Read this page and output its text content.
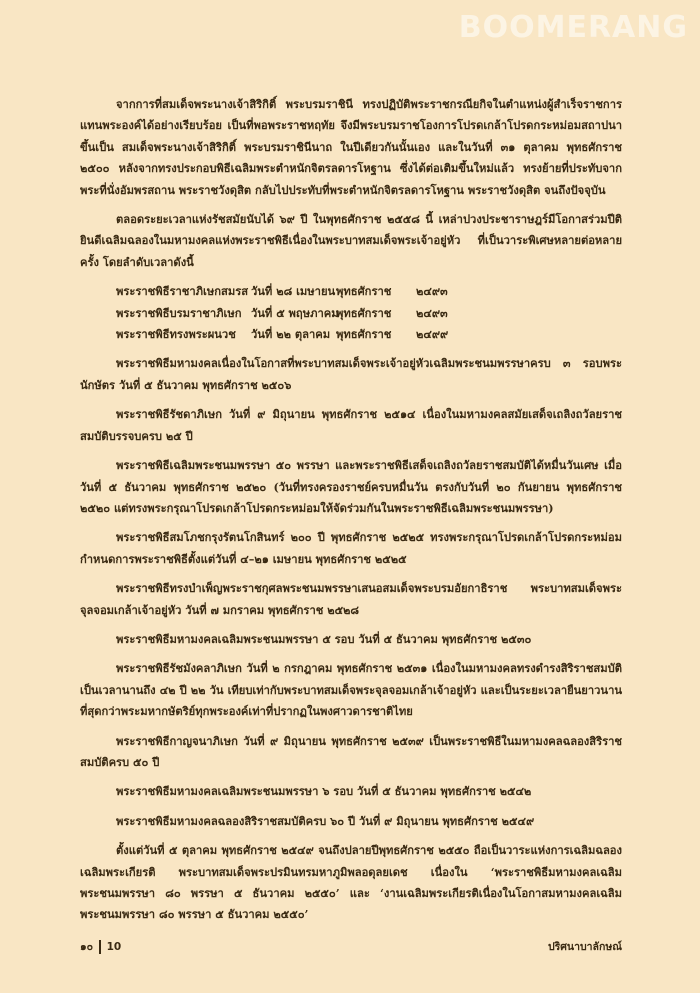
BOOMERANG

จากการที่สมเด็จพระนางเจ้าสิริกิติ์ พระบรมราชินี ทรงปฏิบัติพระราชกรณียกิจในตำแหน่งผู้สำเร็จราชการแทนพระองค์ได้อย่างเรียบร้อย เป็นที่พอพระราชหฤทัย จึงมีพระบรมราชโองการโปรดเกล้าโปรดกระหม่อมสถาปนาขึ้นเป็น สมเด็จพระนางเจ้าสิริกิติ์ พระบรมราชินีนาถ ในปีเดียวกันนั้นเอง และในวันที่ ๓๑ ตุลาคม พุทธศักราช ๒๕๐๐ หลังจากทรงประกอบพิธีเฉลิมพระตำหนักจิตรลดารโหฐาน ซึ่งได้ต่อเติมขึ้นใหม่แล้ว ทรงย้ายที่ประทับจากพระที่นั่งอัมพรสถาน พระราชวังดุสิต กลับไปประทับที่พระตำหนักจิตรลดารโหฐาน พระราชวังดุสิต จนถึงปัจจุบัน

ตลอดระยะเวลาแห่งรัชสมัยนับได้ ๖๙ ปี ในพุทธศักราช ๒๕๕๘ นี้ เหล่าปวงประชาราษฎร์มีโอกาสร่วมปีติยินดีเฉลิมฉลองในมหามงคลแห่งพระราชพิธีเนื่องในพระบาทสมเด็จพระเจ้าอยู่หัว ที่เป็นวาระพิเศษหลายต่อหลายครั้ง โดยลำดับเวลาดังนี้

พระราชพิธีราชาภิเษกสมรส วันที่ ๒๘ เมษายนพุทธศักราช ๒๔๙๓

พระราชพิธีบรมราชาภิเษก วันที่ ๕ พฤษภาคมพุทธศักราช ๒๔๙๓

พระราชพิธีทรงพระผนวช วันที่ ๒๒ ตุลาคม พุทธศักราช ๒๔๙๙

พระราชพิธีมหามงคลเนื่องในโอกาสที่พระบาทสมเด็จพระเจ้าอยู่หัวเฉลิมพระชนมพรรษาครบ ๓ รอบพระนักษัตร วันที่ ๕ ธันวาคม พุทธศักราช ๒๕๐๖

พระราชพิธีรัชดาภิเษก วันที่ ๙ มิถุนายน พุทธศักราช ๒๕๑๔ เนื่องในมหามงคลสมัยเสด็จเถลิงถวัลยราชสมบัติบรรจบครบ ๒๕ ปี

พระราชพิธีเฉลิมพระชนมพรรษา ๕๐ พรรษา และพระราชพิธีเสด็จเถลิงถวัลยราชสมบัติได้หมื่นวันเศษ เมื่อวันที่ ๕ ธันวาคม พุทธศักราช ๒๕๒๐ (วันที่ทรงครองราชย์ครบหมื่นวัน ตรงกับวันที่ ๒๐ กันยายน พุทธศักราช ๒๕๒๐ แต่ทรงพระกรุณาโปรดเกล้าโปรดกระหม่อมให้จัดร่วมกันในพระราชพิธีเฉลิมพระชนมพรรษา)

พระราชพิธีสมโภชกรุงรัตนโกสินทร์ ๒๐๐ ปี พุทธศักราช ๒๕๒๕ ทรงพระกรุณาโปรดเกล้าโปรดกระหม่อมกำหนดการพระราชพิธีตั้งแต่วันที่ ๔–๒๑ เมษายน พุทธศักราช ๒๕๒๕

พระราชพิธีทรงบำเพ็ญพระราชกุศลพระชนมพรรษาเสนอสมเด็จพระบรมอัยกาธิราช พระบาทสมเด็จพระจุลจอมเกล้าเจ้าอยู่หัว วันที่ ๗ มกราคม พุทธศักราช ๒๕๒๘

พระราชพิธีมหามงคลเฉลิมพระชนมพรรษา ๕ รอบ วันที่ ๕ ธันวาคม พุทธศักราช ๒๕๓๐

พระราชพิธีรัชมังคลาภิเษก วันที่ ๒ กรกฎาคม พุทธศักราช ๒๕๓๑ เนื่องในมหามงคลทรงดำรงสิริราชสมบัติเป็นเวลานานถึง ๔๒ ปี ๒๒ วัน เทียบเท่ากับพระบาทสมเด็จพระจุลจอมเกล้าเจ้าอยู่หัว และเป็นระยะเวลายืนยาวนานที่สุดกว่าพระมหากษัตริย์ทุกพระองค์เท่าที่ปรากฏในพงศาวดารชาติไทย

พระราชพิธีกาญจนาภิเษก วันที่ ๙ มิถุนายน พุทธศักราช ๒๕๓๙ เป็นพระราชพิธีในมหามงคลฉลองสิริราชสมบัติครบ ๕๐ ปี

พระราชพิธีมหามงคลเฉลิมพระชนมพรรษา ๖ รอบ วันที่ ๕ ธันวาคม พุทธศักราช ๒๕๔๒

พระราชพิธีมหามงคลฉลองสิริราชสมบัติครบ ๖๐ ปี วันที่ ๙ มิถุนายน พุทธศักราช ๒๕๔๙

ตั้งแต่วันที่ ๕ ตุลาคม พุทธศักราช ๒๕๔๙ จนถึงปลายปีพุทธศักราช ๒๕๕๐ ถือเป็นวาระแห่งการเฉลิมฉลองเฉลิมพระเกียรติ พระบาทสมเด็จพระปรมินทรมหาภูมิพลอดุลยเดช เนื่องใน ‘พระราชพิธีมหามงคลเฉลิมพระชนมพรรษา ๘๐ พรรษา ๕ ธันวาคม ๒๕๕๐’ และ ‘งานเฉลิมพระเกียรติเนื่องในโอกาสมหามงคลเฉลิมพระชนมพรรษา ๘๐ พรรษา ๕ ธันวาคม ๒๕๕๐’

๑๐ 10	ปริศนาบาลักษณ์
